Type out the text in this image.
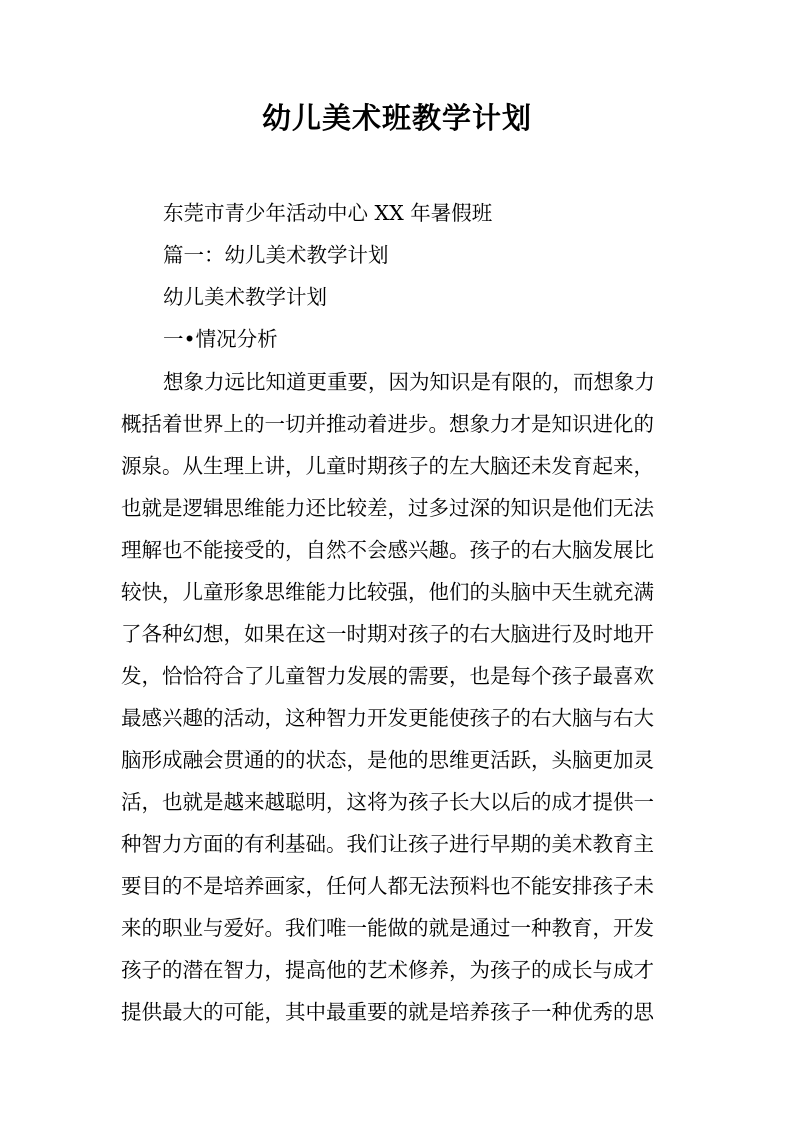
幼儿美术班教学计划
东莞市青少年活动中心 XX 年暑假班
篇一：幼儿美术教学计划
幼儿美术教学计划
一•情况分析
想象力远比知道更重要，因为知识是有限的，而想象力
概括着世界上的一切并推动着进步。想象力才是知识进化的
源泉。从生理上讲，儿童时期孩子的左大脑还未发育起来，
也就是逻辑思维能力还比较差，过多过深的知识是他们无法
理解也不能接受的，自然不会感兴趣。孩子的右大脑发展比
较快，儿童形象思维能力比较强，他们的头脑中天生就充满
了各种幻想，如果在这一时期对孩子的右大脑进行及时地开
发，恰恰符合了儿童智力发展的需要，也是每个孩子最喜欢
最感兴趣的活动，这种智力开发更能使孩子的右大脑与右大
脑形成融会贯通的的状态，是他的思维更活跃，头脑更加灵
活，也就是越来越聪明，这将为孩子长大以后的成才提供一
种智力方面的有利基础。我们让孩子进行早期的美术教育主
要目的不是培养画家，任何人都无法预料也不能安排孩子未
来的职业与爱好。我们唯一能做的就是通过一种教育，开发
孩子的潜在智力，提高他的艺术修养，为孩子的成长与成才
提供最大的可能，其中最重要的就是培养孩子一种优秀的思
